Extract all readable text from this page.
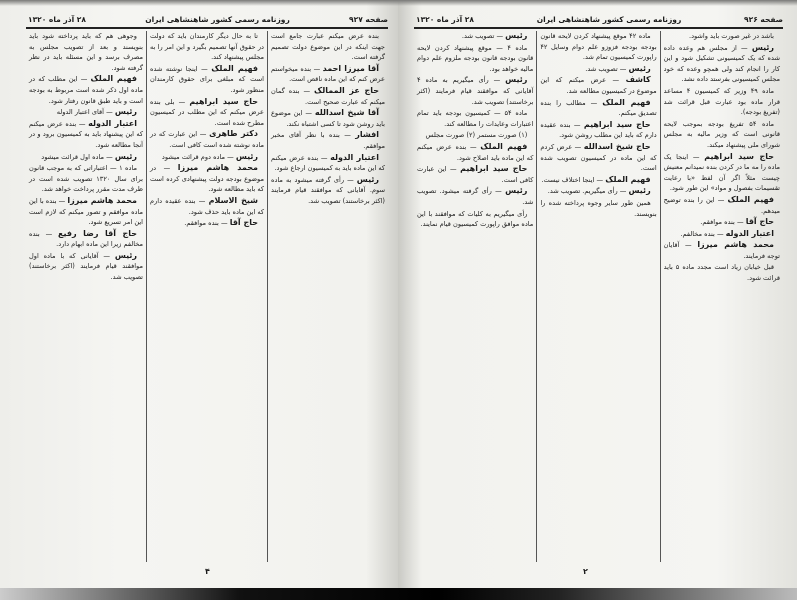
صفحه ۹۲۷
روزنامه رسمی کشور شاهنشاهی ایران
۲۸ آذر ماه ۱۳۲۰

بنده عرض میکنم عبارت جامع است جهت اینکه در این موضوع دولت تصمیم گرفته است.

آقا میرزا احمد — بنده میخواستم عرض کنم که این ماده ناقص است.

حاج عز الممالک — بنده گمان میکنم که عبارت صحیح است.

آقا شیخ اسدالله — این موضوع باید روشن شود تا کسی اشتباه نکند.

افشار — بنده با نظر آقای مخبر موافقم.

اعتبار الدوله — بنده عرض میکنم که این ماده باید به کمیسیون ارجاع شود.

رئیس — رأی گرفته میشود به ماده سوم. آقایانی که موافقند قیام فرمایند (اکثر برخاستند) تصویب شد.

تا به حال دیگر کارمندان باید که دولت در حقوق آنها تصمیم بگیرد و این امر را به مجلس پیشنهاد کند.

فهیم الملک — اینجا نوشته شده است که مبلغی برای حقوق کارمندان منظور شود.

حاج سید ابراهیم — بلی بنده عرض میکنم که این مطلب در کمیسیون مطرح شده است.

دکتر طاهری — این عبارت که در ماده نوشته شده است کافی است.

رئیس — ماده دوم قرائت میشود

محمد هاشم میرزا — در موضوع بودجه دولت پیشنهادی کرده است که باید مطالعه شود.

شیخ الاسلام — بنده عقیده دارم که این ماده باید حذف شود.

حاج آقا — بنده موافقم.

وجوهی هم که باید پرداخته شود باید بنویسند و بعد از تصویب مجلس به مصرف برسد و این مسئله باید در نظر گرفته شود.

فهیم الملک — این مطلب که در ماده اول ذکر شده است مربوط به بودجه است و باید طبق قانون رفتار شود.

رئیس — آقای اعتبار الدوله

اعتبار الدوله — بنده عرض میکنم که این پیشنهاد باید به کمیسیون برود و در آنجا مطالعه شود.

رئیس — ماده اول قرائت میشود

ماده ۱ — اعتباراتی که به موجب قانون برای سال ۱۳۲۰ تصویب شده است در ظرف مدت مقرر پرداخت خواهد شد.

محمد هاشم میرزا — بنده با این ماده موافقم و تصور میکنم که لازم است این امر تسریع شود.

حاج آقا رضا رفیع — بنده مخالفم زیرا این ماده ابهام دارد.

رئیس — آقایانی که با ماده اول موافقند قیام فرمایند (اکثر برخاستند) تصویب شد.

۴
صفحه ۹۲۶
روزنامه رسمی کشور شاهنشاهی ایران
۲۸ آذر ماه ۱۳۲۰

باشد در غیر صورت باید واشود.

رئیس — از مجلس هم وعده داده شده که یک کمیسیونی تشکیل شود و این کار را انجام کند ولی همچو وعده که خود مجلس کمیسیونی بفرستد داده نشد.

ماده ۴۹ وزیر که کمیسیون ۴ مساعد قرار ماده بود عبارت قبل قرائت شد (تفریغ بودجه).

ماده ۵۴ تفریغ بودجه بموجب لایحه قانونی است که وزیر مالیه به مجلس شورای ملی پیشنهاد میکند.

حاج سید ابراهیم — اینجا یک ماده را مه ما در کردن بنده نمیدانم معنیش چیست مثلاً اگر آن لفظ «با رعایت تقسیمات بفصول و مواد» این طور شود.

فهیم الملک — این را بنده توضیح میدهم.

حاج آقا — بنده موافقم.

اعتبار الدوله — بنده مخالفم.

محمد هاشم میرزا — آقایان توجه فرمایند.

قبل خیابان زیاد است مجدد ماده ۵ باید قرائت شود.

ماده ۴۲ موقع پیشنهاد کردن لایحه قانون بودجه بودجه فزوزو علم دوام وسایل ۴۲ راپورت کمیسیون تمام شد.

رئیس — تصویب شد.

کاشف — عرض میکنم که این موضوع در کمیسیون مطالعه شد.

فهیم الملک — مطالب را بنده تصدیق میکنم.

حاج سید ابراهیم — بنده عقیده دارم که باید این مطلب روشن شود.

حاج شیخ اسدالله — عرض کردم که این ماده در کمیسیون تصویب شده است.

فهیم الملک — اینجا اختلاف نیست.

رئیس — رأی میگیریم. تصویب شد.

همین طور سایر وجوه پرداخته شده را بنویسند.

رئیس — تصویب شد.

ماده ۴ — موقع پیشنهاد کردن لایحه قانون بودجه قانون بودجه ملزوم علم دوام مالیه خواهد بود.

رئیس — رأی میگیریم به ماده ۴ آقایانی که موافقند قیام فرمایند (اکثر برخاستند) تصویب شد.

ماده ۵۴ — کمیسیون بودجه باید تمام اعتبارات وعایدات را مطالعه کند.

(۱) صورت مستمر (۲) صورت مجلس

فهیم الملک — بنده عرض میکنم که این ماده باید اصلاح شود.

حاج سید ابراهیم — این عبارت کافی است.

رئیس — رأی گرفته میشود. تصویب شد.

رأی میگیریم به کلیات که موافقند با این ماده موافق راپورت کمیسیون قیام نمایند.

۲
